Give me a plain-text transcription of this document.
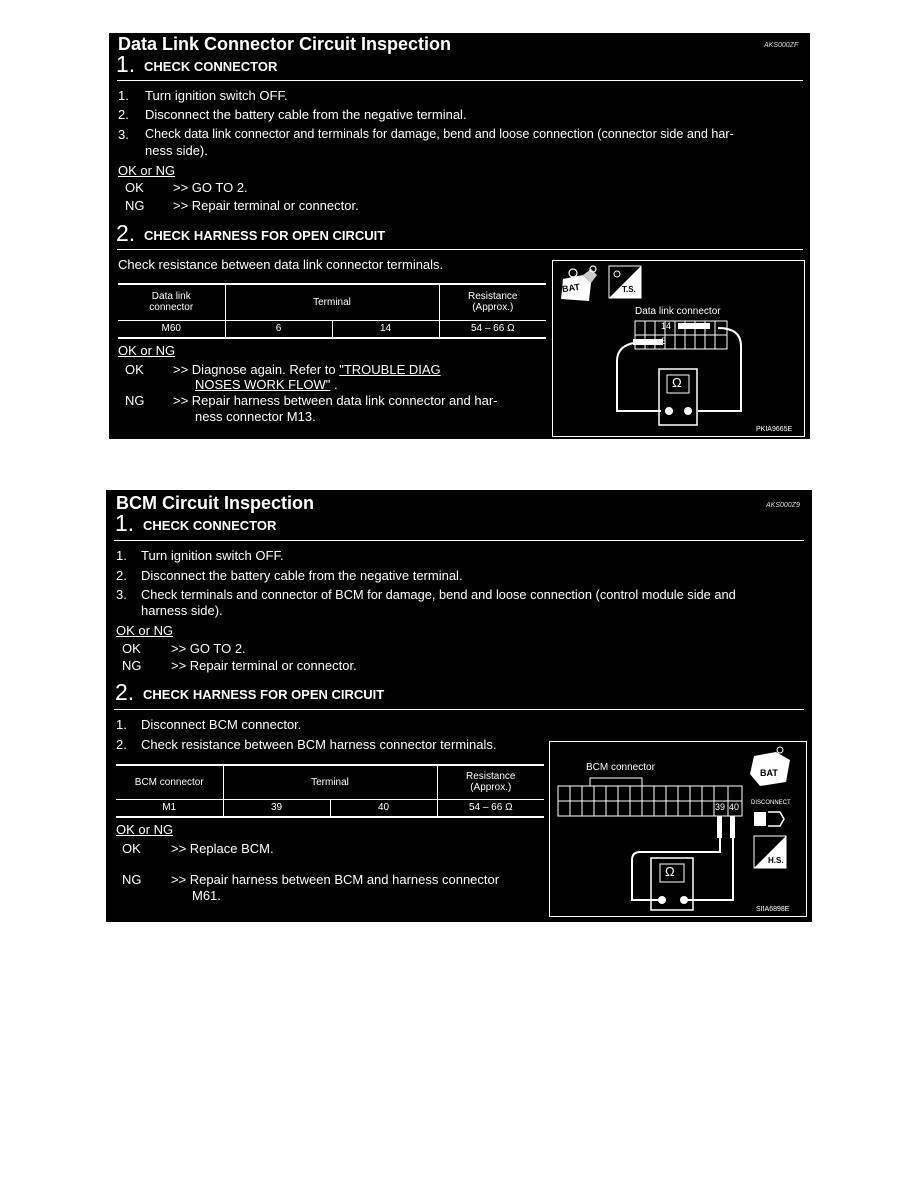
Data Link Connector Circuit Inspection	AKS000ZF
1. CHECK CONNECTOR
1. Turn ignition switch OFF.
2. Disconnect the battery cable from the negative terminal.
3. Check data link connector and terminals for damage, bend and loose connection (connector side and har-
ness side).
OK or NG
OK >> GO TO 2.
NG >> Repair terminal or connector.
2. CHECK HARNESS FOR OPEN CIRCUIT
Check resistance between data link connector terminals.
Data link
connector	Terminal		Resistance
(Approx.)
M60	6	14	54 – 66 Ω
OK or NG
OK >> Diagnose again. Refer to "TROUBLE DIAG
NOSES WORK FLOW" .
NG >> Repair harness between data link connector and har-
ness connector M13.
BAT	T.S.
Data link connector
14
6
Ω
PKIA9665E
BCM Circuit Inspection	AKS000Z9
1. CHECK CONNECTOR
1. Turn ignition switch OFF.
2. Disconnect the battery cable from the negative terminal.
3. Check terminals and connector of BCM for damage, bend and loose connection (control module side and
harness side).
OK or NG
OK >> GO TO 2.
NG >> Repair terminal or connector.
2. CHECK HARNESS FOR OPEN CIRCUIT
1. Disconnect BCM connector.
2. Check resistance between BCM harness connector terminals.
BCM connector	Terminal		Resistance
(Approx.)
M1	39	40	54 – 66 Ω
OK or NG
OK >> Replace BCM.
NG >> Repair harness between BCM and harness connector
M61.
BCM connector
39 40
BAT
DISCONNECT
H.S.
Ω
SIIA6898E
